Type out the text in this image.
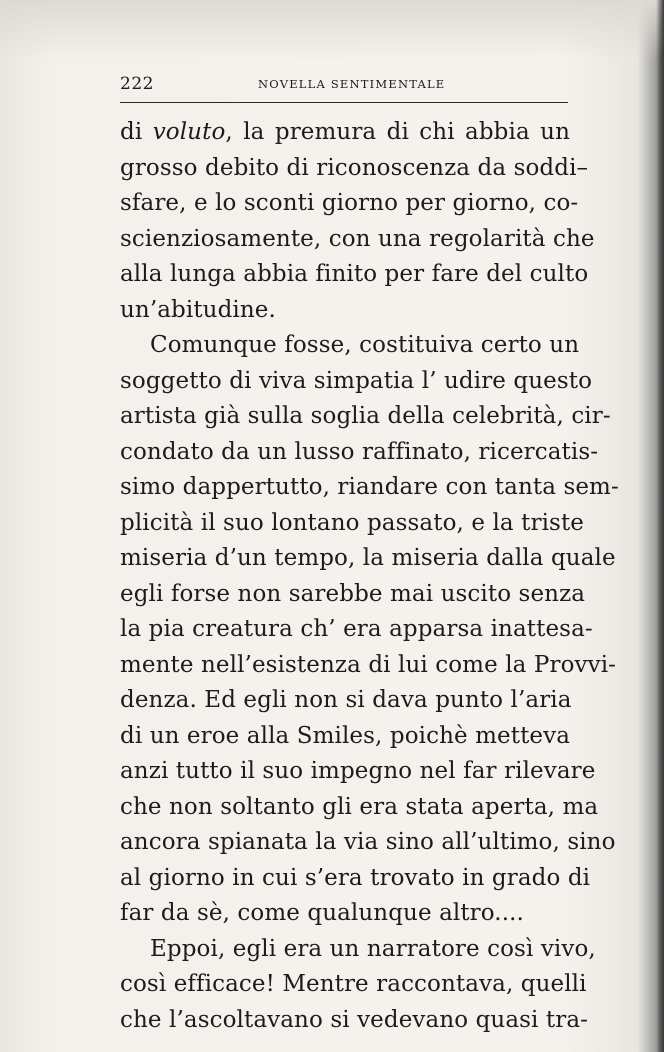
222	NOVELLA SENTIMENTALE
di voluto, la premura di chi abbia un
grosso debito di riconoscenza da soddi–
sfare, e lo sconti giorno per giorno, co-
scienziosamente, con una regolarità che
alla lunga abbia finito per fare del culto
un’abitudine.
Comunque fosse, costituiva certo un
soggetto di viva simpatia l’ udire questo
artista già sulla soglia della celebrità, cir-
condato da un lusso raffinato, ricercatis-
simo dappertutto, riandare con tanta sem-
plicità il suo lontano passato, e la triste
miseria d’un tempo, la miseria dalla quale
egli forse non sarebbe mai uscito senza
la pia creatura ch’ era apparsa inattesa-
mente nell’esistenza di lui come la Provvi-
denza. Ed egli non si dava punto l’aria
di un eroe alla Smiles, poichè metteva
anzi tutto il suo impegno nel far rilevare
che non soltanto gli era stata aperta, ma
ancora spianata la via sino all’ultimo, sino
al giorno in cui s’era trovato in grado di
far da sè, come qualunque altro....
Eppoi, egli era un narratore così vivo,
così efficace! Mentre raccontava, quelli
che l’ascoltavano si vedevano quasi tra-
